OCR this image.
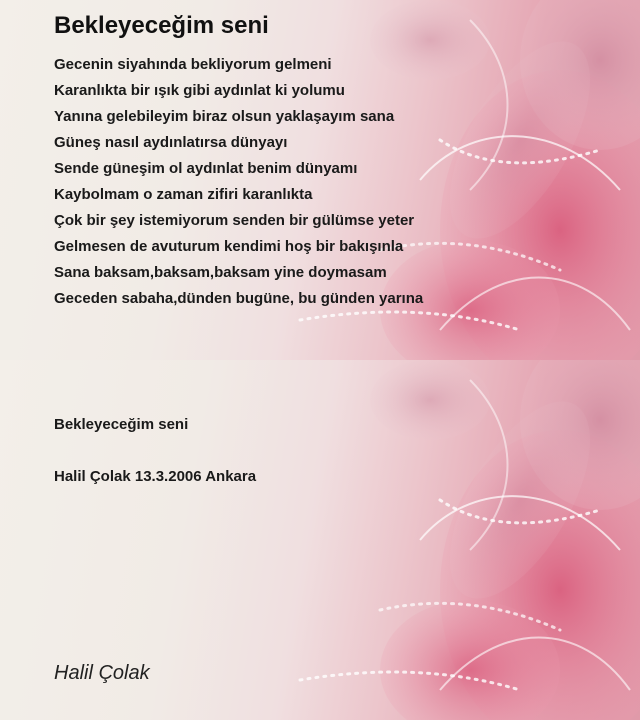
Bekleyeceğim seni
Gecenin siyahında bekliyorum gelmeni
Karanlıkta bir ışık gibi aydınlat ki yolumu
Yanına gelebileyim biraz olsun yaklaşayım sana
Güneş nasıl aydınlatırsa dünyayı
Sende güneşim ol aydınlat benim dünyamı
Kaybolmam o zaman zifiri karanlıkta
Çok bir şey istemiyorum senden bir gülümse yeter
Gelmesen de avuturum kendimi hoş bir bakışınla
Sana baksam,baksam,baksam yine doymasam
Geceden sabaha,dünden bugüne, bu günden yarına
Bekleyeceğim seni
Halil Çolak 13.3.2006 Ankara
Halil Çolak
